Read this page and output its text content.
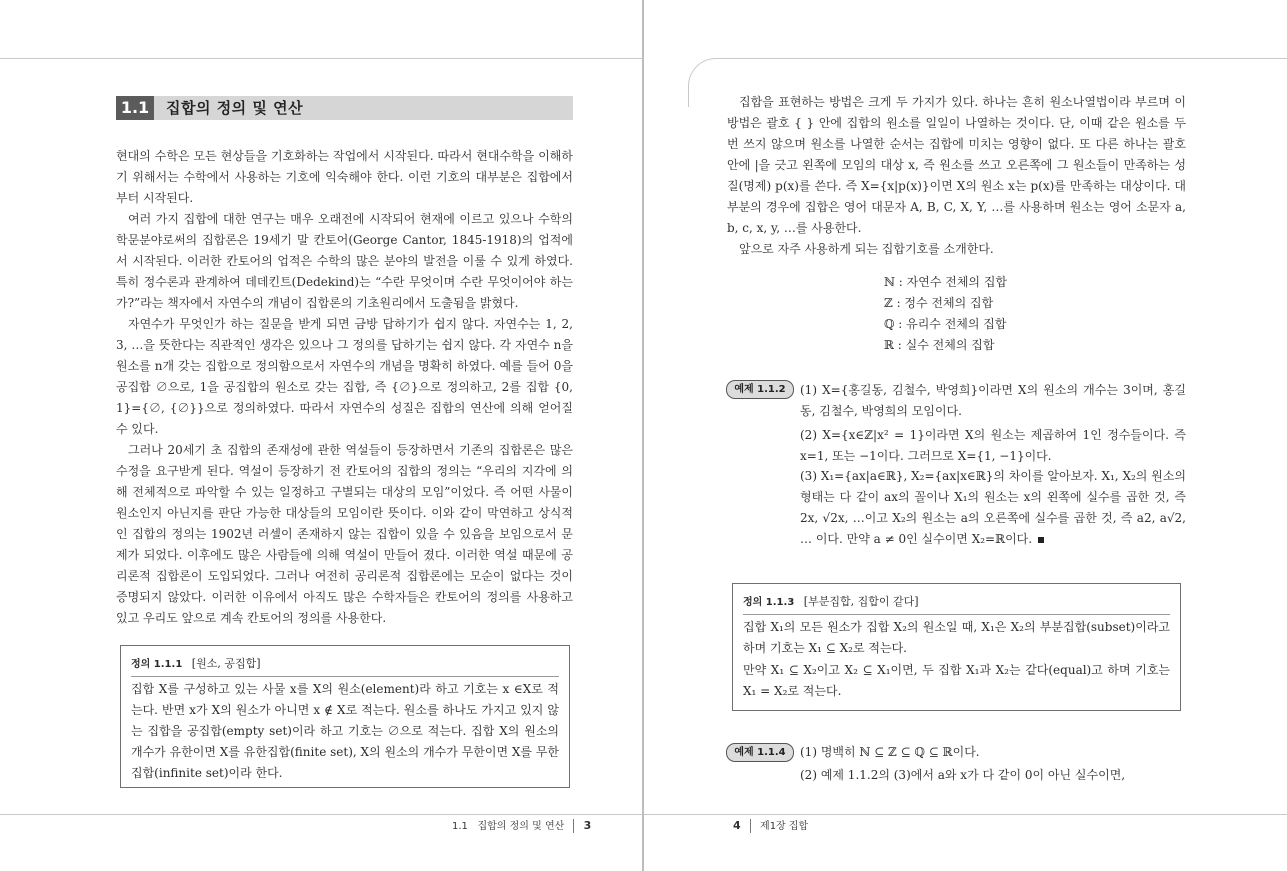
1.1	집합의 정의 및 연산

현대의 수학은 모든 현상들을 기호화하는 작업에서 시작된다. 따라서 현대수학을 이해하기 위해서는 수학에서 사용하는 기호에 익숙해야 한다. 이런 기호의 대부분은 집합에서부터 시작된다.

여러 가지 집합에 대한 연구는 매우 오래전에 시작되어 현재에 이르고 있으나 수학의 학문분야로써의 집합론은 19세기 말 칸토어(George Cantor, 1845-1918)의 업적에서 시작된다. 이러한 칸토어의 업적은 수학의 많은 분야의 발전을 이룰 수 있게 하였다. 특히 정수론과 관계하여 데데킨트(Dedekind)는 “수란 무엇이며 수란 무엇이어야 하는가?”라는 책자에서 자연수의 개념이 집합론의 기초원리에서 도출됨을 밝혔다.

자연수가 무엇인가 하는 질문을 받게 되면 금방 답하기가 쉽지 않다. 자연수는 1, 2, 3, …을 뜻한다는 직관적인 생각은 있으나 그 정의를 답하기는 쉽지 않다. 각 자연수 n을 원소를 n개 갖는 집합으로 정의함으로서 자연수의 개념을 명확히 하였다. 예를 들어 0을 공집합 ∅으로, 1을 공집합의 원소로 갖는 집합, 즉 {∅}으로 정의하고, 2를 집합 {0, 1}={∅, {∅}}으로 정의하였다. 따라서 자연수의 성질은 집합의 연산에 의해 얻어질 수 있다.

그러나 20세기 초 집합의 존재성에 관한 역설들이 등장하면서 기존의 집합론은 많은 수정을 요구받게 된다. 역설이 등장하기 전 칸토어의 집합의 정의는 “우리의 지각에 의해 전체적으로 파악할 수 있는 일정하고 구별되는 대상의 모임”이었다. 즉 어떤 사물이 원소인지 아닌지를 판단 가능한 대상들의 모임이란 뜻이다. 이와 같이 막연하고 상식적인 집합의 정의는 1902년 러셀이 존재하지 않는 집합이 있을 수 있음을 보임으로서 문제가 되었다. 이후에도 많은 사람들에 의해 역설이 만들어 졌다. 이러한 역설 때문에 공리론적 집합론이 도입되었다. 그러나 여전히 공리론적 집합론에는 모순이 없다는 것이 증명되지 않았다. 이러한 이유에서 아직도 많은 수학자들은 칸토어의 정의를 사용하고 있고 우리도 앞으로 계속 칸토어의 정의를 사용한다.

정의 1.1.1 [원소, 공집합]

집합 X를 구성하고 있는 사물 x를 X의 원소(element)라 하고 기호는 x ∈X로 적는다. 반면 x가 X의 원소가 아니면 x ∉ X로 적는다. 원소를 하나도 가지고 있지 않는 집합을 공집합(empty set)이라 하고 기호는 ∅으로 적는다. 집합 X의 원소의 개수가 유한이면 X를 유한집합(finite set), X의 원소의 개수가 무한이면 X를 무한집합(infinite set)이라 한다.

1.1 집합의 정의 및 연산 3

집합을 표현하는 방법은 크게 두 가지가 있다. 하나는 흔히 원소나열법이라 부르며 이 방법은 괄호 { } 안에 집합의 원소를 일일이 나열하는 것이다. 단, 이때 같은 원소를 두 번 쓰지 않으며 원소를 나열한 순서는 집합에 미치는 영향이 없다. 또 다른 하나는 괄호 안에 |을 긋고 왼쪽에 모임의 대상 x, 즉 원소를 쓰고 오른쪽에 그 원소들이 만족하는 성질(명제) p(x)를 쓴다. 즉 X={x|p(x)}이면 X의 원소 x는 p(x)를 만족하는 대상이다. 대부분의 경우에 집합은 영어 대문자 A, B, C, X, Y, …를 사용하며 원소는 영어 소문자 a, b, c, x, y, …를 사용한다.

앞으로 자주 사용하게 되는 집합기호를 소개한다.

ℕ : 자연수 전체의 집합
ℤ : 정수 전체의 집합
ℚ : 유리수 전체의 집합
ℝ : 실수 전체의 집합
예제 1.1.2	(1) X={홍길동, 김철수, 박영희}이라면 X의 원소의 개수는 3이며, 홍길동, 김철수, 박영희의 모임이다.

(2) X={x∈ℤ|x² = 1}이라면 X의 원소는 제곱하여 1인 정수들이다. 즉 x=1, 또는 −1이다. 그러므로 X={1, −1}이다.

(3) X₁={ax|a∈ℝ}, X₂={ax|x∈ℝ}의 차이를 알아보자. X₁, X₂의 원소의 형태는 다 같이 ax의 꼴이나 X₁의 원소는 x의 왼쪽에 실수를 곱한 것, 즉 2x, √2x, …이고 X₂의 원소는 a의 오른쪽에 실수를 곱한 것, 즉 a2, a√2, … 이다. 만약 a ≠ 0인 실수이면 X₂=ℝ이다.

정의 1.1.3 [부분집합, 집합이 같다]

집합 X₁의 모든 원소가 집합 X₂의 원소일 때, X₁은 X₂의 부분집합(subset)이라고 하며 기호는 X₁ ⊆ X₂로 적는다.

만약 X₁ ⊆ X₂이고 X₂ ⊆ X₁이면, 두 집합 X₁과 X₂는 같다(equal)고 하며 기호는 X₁ = X₂로 적는다.

예제 1.1.4	(1) 명백히 ℕ ⊆ ℤ ⊆ ℚ ⊆ ℝ이다.

(2) 예제 1.1.2의 (3)에서 a와 x가 다 같이 0이 아닌 실수이면,

4 제1장 집합
